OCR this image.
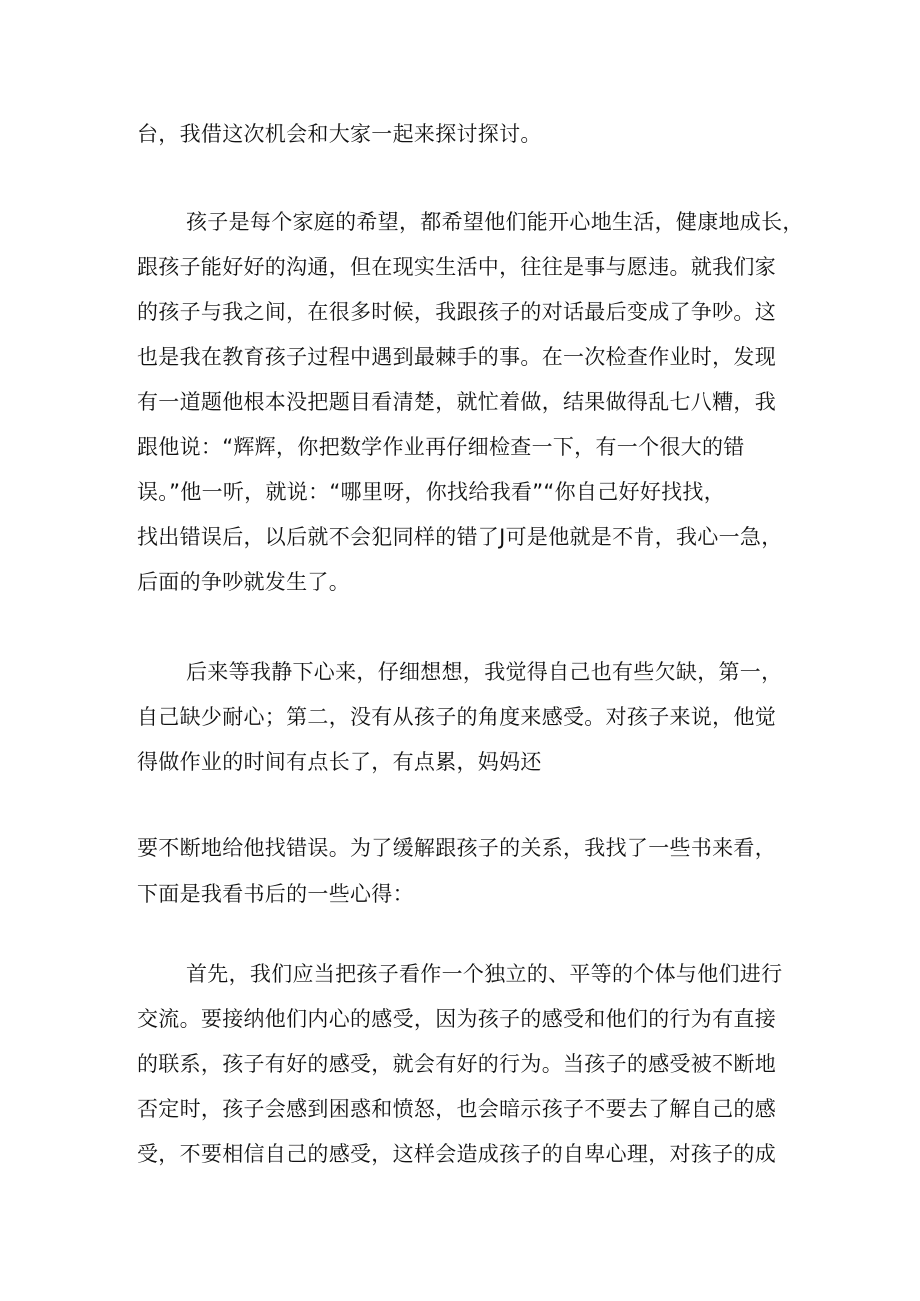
台，我借这次机会和大家一起来探讨探讨。
孩子是每个家庭的希望，都希望他们能开心地生活，健康地成长，
跟孩子能好好的沟通，但在现实生活中，往往是事与愿违。就我们家
的孩子与我之间，在很多时候，我跟孩子的对话最后变成了争吵。这
也是我在教育孩子过程中遇到最棘手的事。在一次检查作业时，发现
有一道题他根本没把题目看清楚，就忙着做，结果做得乱七八糟，我
跟他说：“辉辉，你把数学作业再仔细检查一下，有一个很大的错
误。”他一听，就说：“哪里呀，你找给我看”“你自己好好找找，
找出错误后，以后就不会犯同样的错了J可是他就是不肯，我心一急，
后面的争吵就发生了。
后来等我静下心来，仔细想想，我觉得自己也有些欠缺，第一，
自己缺少耐心；第二，没有从孩子的角度来感受。对孩子来说，他觉
得做作业的时间有点长了，有点累，妈妈还
要不断地给他找错误。为了缓解跟孩子的关系，我找了一些书来看，
下面是我看书后的一些心得：
首先，我们应当把孩子看作一个独立的、平等的个体与他们进行
交流。要接纳他们内心的感受，因为孩子的感受和他们的行为有直接
的联系，孩子有好的感受，就会有好的行为。当孩子的感受被不断地
否定时，孩子会感到困惑和愤怒，也会暗示孩子不要去了解自己的感
受，不要相信自己的感受，这样会造成孩子的自卑心理，对孩子的成
